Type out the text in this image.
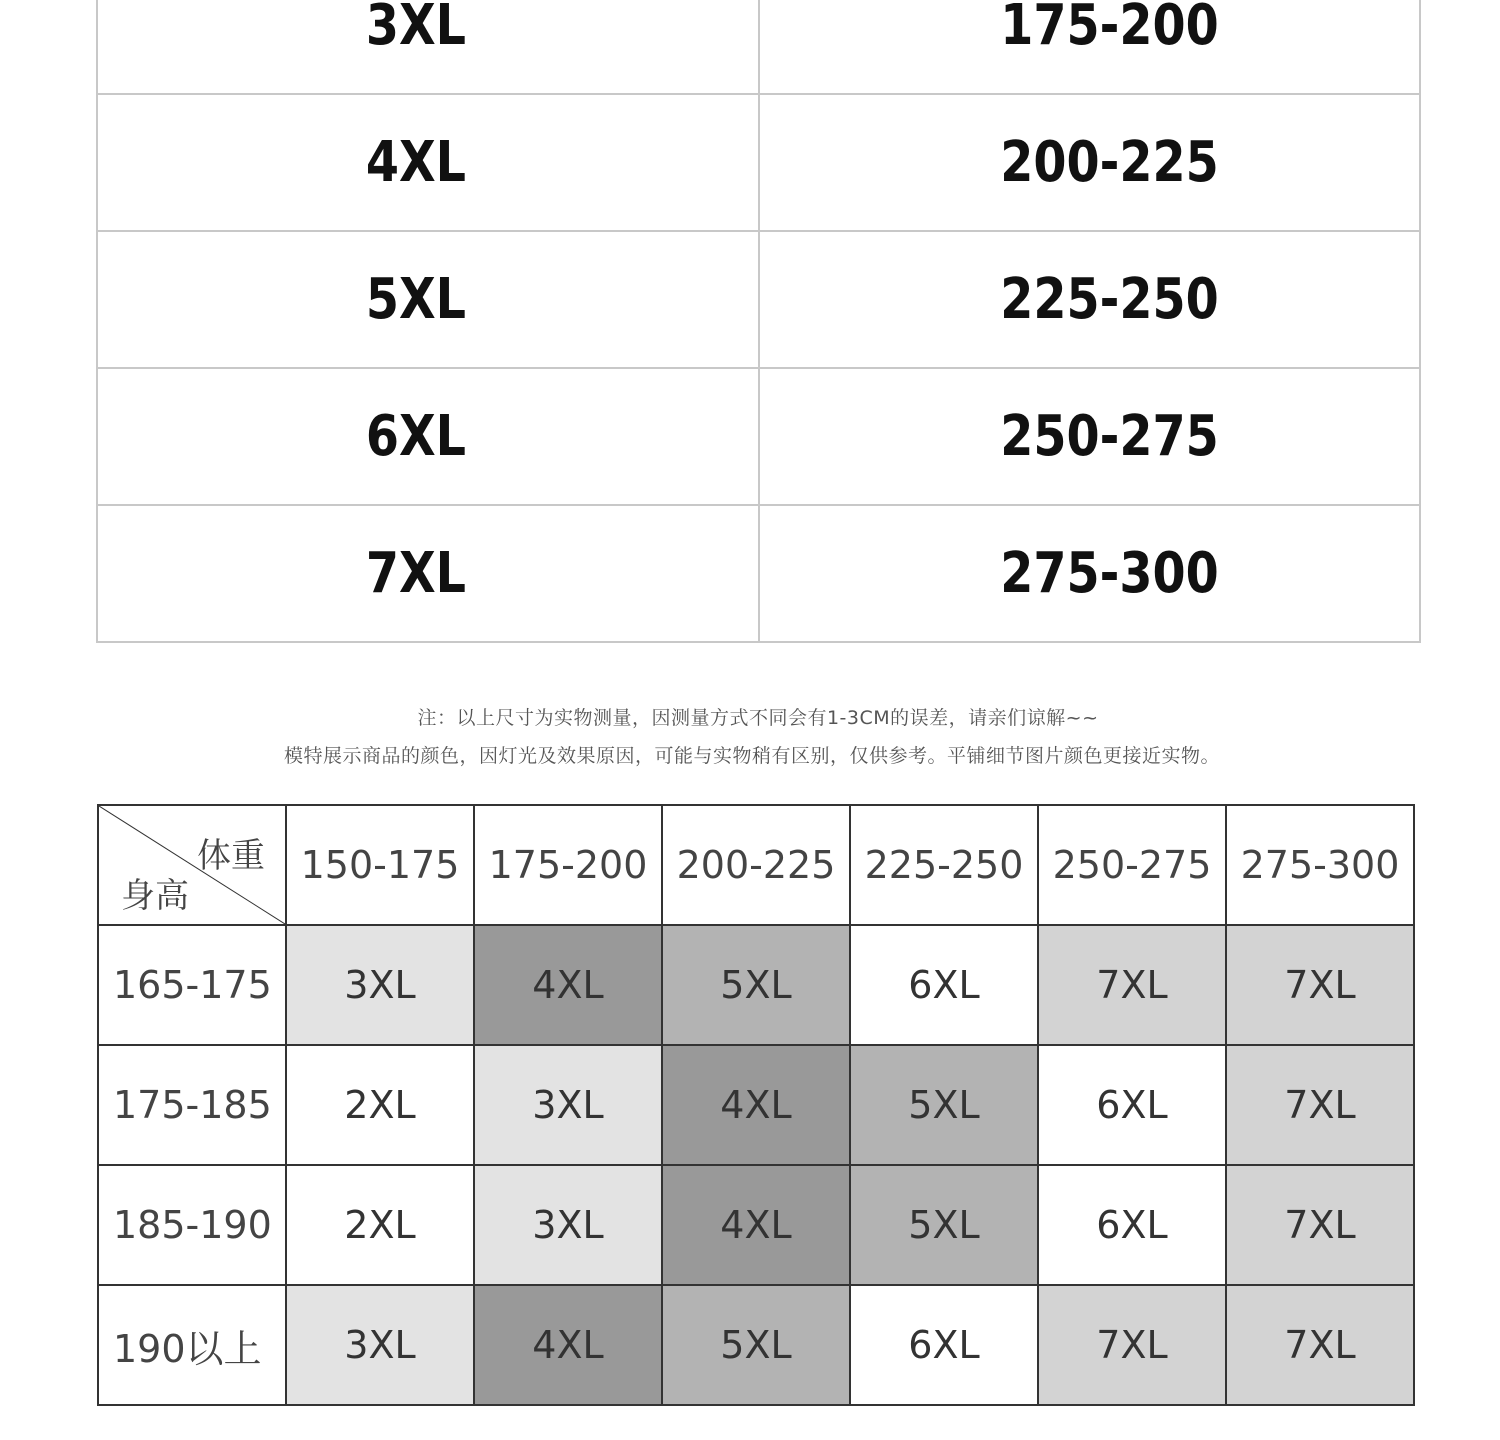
3XL	175-200
4XL	200-225
5XL	225-250
6XL	250-275
7XL	275-300
注：以上尺寸为实物测量，因测量方式不同会有1-3CM的误差，请亲们谅解~~
模特展示商品的颜色，因灯光及效果原因，可能与实物稍有区别，仅供参考。平铺细节图片颜色更接近实物。
体重
身高	150-175	175-200	200-225	225-250	250-275	275-300
165-175	3XL	4XL	5XL	6XL	7XL	7XL
175-185	2XL	3XL	4XL	5XL	6XL	7XL
185-190	2XL	3XL	4XL	5XL	6XL	7XL
190以上	3XL	4XL	5XL	6XL	7XL	7XL
